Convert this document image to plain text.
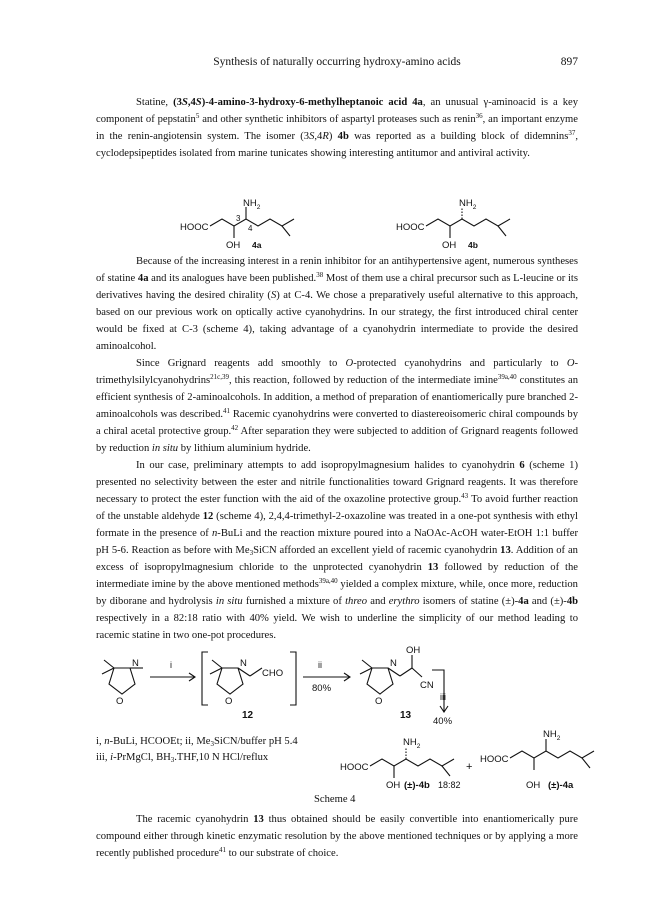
Synthesis of naturally occurring hydroxy-amino acids	897

Statine, (3S,4S)-4-amino-3-hydroxy-6-methylheptanoic acid 4a, an unusual γ-aminoacid is a key component of pepstatin$^5$ and other synthetic inhibitors of aspartyl proteases such as renin$^{36}$, an important enzyme in the renin-angiotensin system. The isomer (3S,4R) 4b was reported as a building block of didemnins$^{37}$, cyclodepsipeptides isolated from marine tunicates showing interesting antitumor and antiviral activity.

$NH_2$
HOOC
OH
3
4
4a
$NH_2$
HOOC
OH 4b

Because of the increasing interest in a renin inhibitor for an antihypertensive agent, numerous syntheses of statine 4a and its analogues have been published.$^{38}$ Most of them use a chiral precursor such as L-leucine or its derivatives having the desired chirality (S) at C-4. We chose a preparatively useful alternative to this approach, based on our previous work on optically active cyanohydrins. In our strategy, the first introduced chiral center would be fixed at C-3 (scheme 4), taking advantage of a cyanohydrin intermediate to provide the desired aminoalcohol.

Since Grignard reagents add smoothly to O-protected cyanohydrins and particularly to O-trimethylsilylcyanohydrins$^{21c,39}$, this reaction, followed by reduction of the intermediate imine$^{39a,40}$ constitutes an efficient synthesis of 2-aminoalcohols. In addition, a method of preparation of enantiomerically pure branched 2-aminoalcohols was described.$^{41}$ Racemic cyanohydrins were converted to diastereoisomeric chiral compounds by a chiral acetal protective group.$^{42}$ After separation they were subjected to addition of Grignard reagents followed by reduction in situ by lithium aluminium hydride.

In our case, preliminary attempts to add isopropylmagnesium halides to cyanohydrin 6 (scheme 1) presented no selectivity between the ester and nitrile functionalities toward Grignard reagents. It was therefore necessary to protect the ester function with the aid of the oxazoline protective group.$^{43}$ To avoid further reaction of the unstable aldehyde 12 (scheme 4), 2,4,4-trimethyl-2-oxazoline was treated in a one-pot synthesis with ethyl formate in the presence of n-BuLi and the reaction mixture poured into a NaOAc-AcOH water-EtOH 1:1 buffer pH 5-6. Reaction as before with $Me_3SiCN$ afforded an excellent yield of racemic cyanohydrin 13. Addition of an excess of isopropylmagnesium chloride to the unprotected cyanohydrin 13 followed by reduction of the intermediate imine by the above mentioned methods$^{39a,40}$ yielded a complex mixture, while, once more, reduction by diborane and hydrolysis in situ furnished a mixture of threo and erythro isomers of statine (±)-4a and (±)-4b respectively in a 82:18 ratio with 40% yield. We wish to underline the simplicity of our method leading to racemic statine in two one-pot procedures.

N
O
i	N
O
CHO
12
ii
80%
N
O
OH
CN
13
iii
40%
$NH_2$
HOOC
OH (±)-4b 18:82
+
$NH_2$
HOOC
OH (±)-4a
i, n-BuLi, HCOOEt; ii, $Me_3SiCN$/buffer pH 5.4
iii, i-PrMgCl, $BH_3.THF,10$ N HCl/reflux
Scheme 4

The racemic cyanohydrin 13 thus obtained should be easily convertible into enantiomerically pure compound either through kinetic enzymatic resolution by the above mentioned techniques or by applying a more recently published procedure$^{41}$ to our substrate of choice.
